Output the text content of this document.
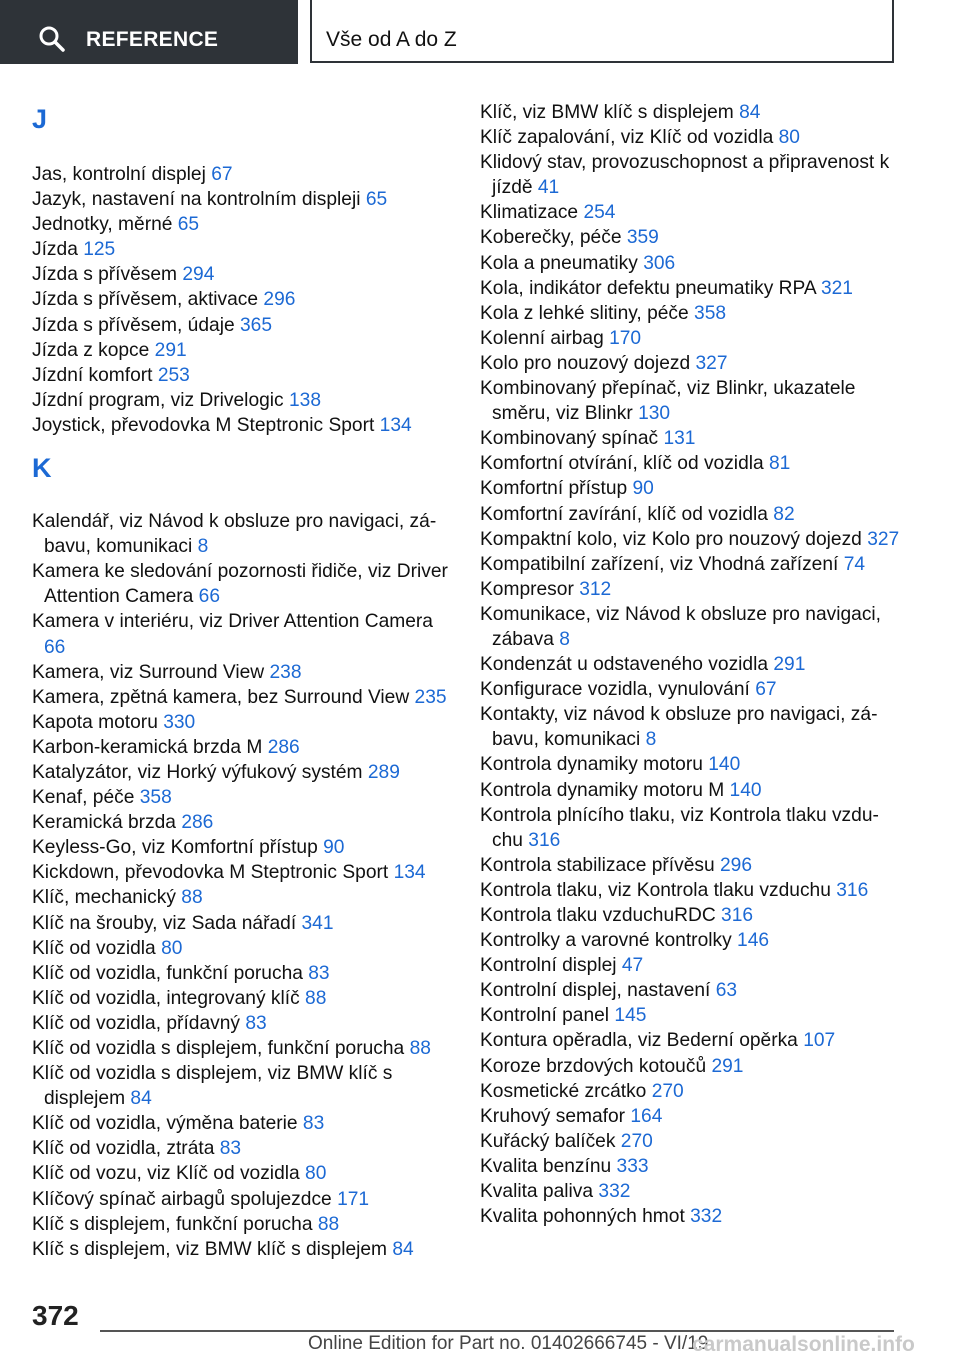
REFERENCE	Vše od A do Z
J
Jas, kontrolní displej 67
Jazyk, nastavení na kontrolním displeji 65
Jednotky, měrné 65
Jízda 125
Jízda s přívěsem 294
Jízda s přívěsem, aktivace 296
Jízda s přívěsem, údaje 365
Jízda z kopce 291
Jízdní komfort 253
Jízdní program, viz Drivelogic 138
Joystick, převodovka M Steptronic Sport 134
K
Kalendář, viz Návod k obsluze pro navigaci, zábavu, komunikaci 8
Kamera ke sledování pozornosti řidiče, viz Driver Attention Camera 66
Kamera v interiéru, viz Driver Attention Camera 66
Kamera, viz Surround View 238
Kamera, zpětná kamera, bez Surround View 235
Kapota motoru 330
Karbon-keramická brzda M 286
Katalyzátor, viz Horký výfukový systém 289
Kenaf, péče 358
Keramická brzda 286
Keyless-Go, viz Komfortní přístup 90
Kickdown, převodovka M Steptronic Sport 134
Klíč, mechanický 88
Klíč na šrouby, viz Sada nářadí 341
Klíč od vozidla 80
Klíč od vozidla, funkční porucha 83
Klíč od vozidla, integrovaný klíč 88
Klíč od vozidla, přídavný 83
Klíč od vozidla s displejem, funkční porucha 88
Klíč od vozidla s displejem, viz BMW klíč s displejem 84
Klíč od vozidla, výměna baterie 83
Klíč od vozidla, ztráta 83
Klíč od vozu, viz Klíč od vozidla 80
Klíčový spínač airbagů spolujezdce 171
Klíč s displejem, funkční porucha 88
Klíč s displejem, viz BMW klíč s displejem 84
Klíč, viz BMW klíč s displejem 84
Klíč zapalování, viz Klíč od vozidla 80
Klidový stav, provozuschopnost a připravenost k jízdě 41
Klimatizace 254
Koberečky, péče 359
Kola a pneumatiky 306
Kola, indikátor defektu pneumatiky RPA 321
Kola z lehké slitiny, péče 358
Kolenní airbag 170
Kolo pro nouzový dojezd 327
Kombinovaný přepínač, viz Blinkr, ukazatele směru, viz Blinkr 130
Kombinovaný spínač 131
Komfortní otvírání, klíč od vozidla 81
Komfortní přístup 90
Komfortní zavírání, klíč od vozidla 82
Kompaktní kolo, viz Kolo pro nouzový dojezd 327
Kompatibilní zařízení, viz Vhodná zařízení 74
Kompresor 312
Komunikace, viz Návod k obsluze pro navigaci, zábava 8
Kondenzát u odstaveného vozidla 291
Konfigurace vozidla, vynulování 67
Kontakty, viz návod k obsluze pro navigaci, zábavu, komunikaci 8
Kontrola dynamiky motoru 140
Kontrola dynamiky motoru M 140
Kontrola plnícího tlaku, viz Kontrola tlaku vzduchu 316
Kontrola stabilizace přívěsu 296
Kontrola tlaku, viz Kontrola tlaku vzduchu 316
Kontrola tlaku vzduchuRDC 316
Kontrolky a varovné kontrolky 146
Kontrolní displej 47
Kontrolní displej, nastavení 63
Kontrolní panel 145
Kontura opěradla, viz Bederní opěrka 107
Koroze brzdových kotoučů 291
Kosmetické zrcátko 270
Kruhový semafor 164
Kuřácký balíček 270
Kvalita benzínu 333
Kvalita paliva 332
Kvalita pohonných hmot 332
372
Online Edition for Part no. 01402666745 - VI/19
carmanualsonline.info
